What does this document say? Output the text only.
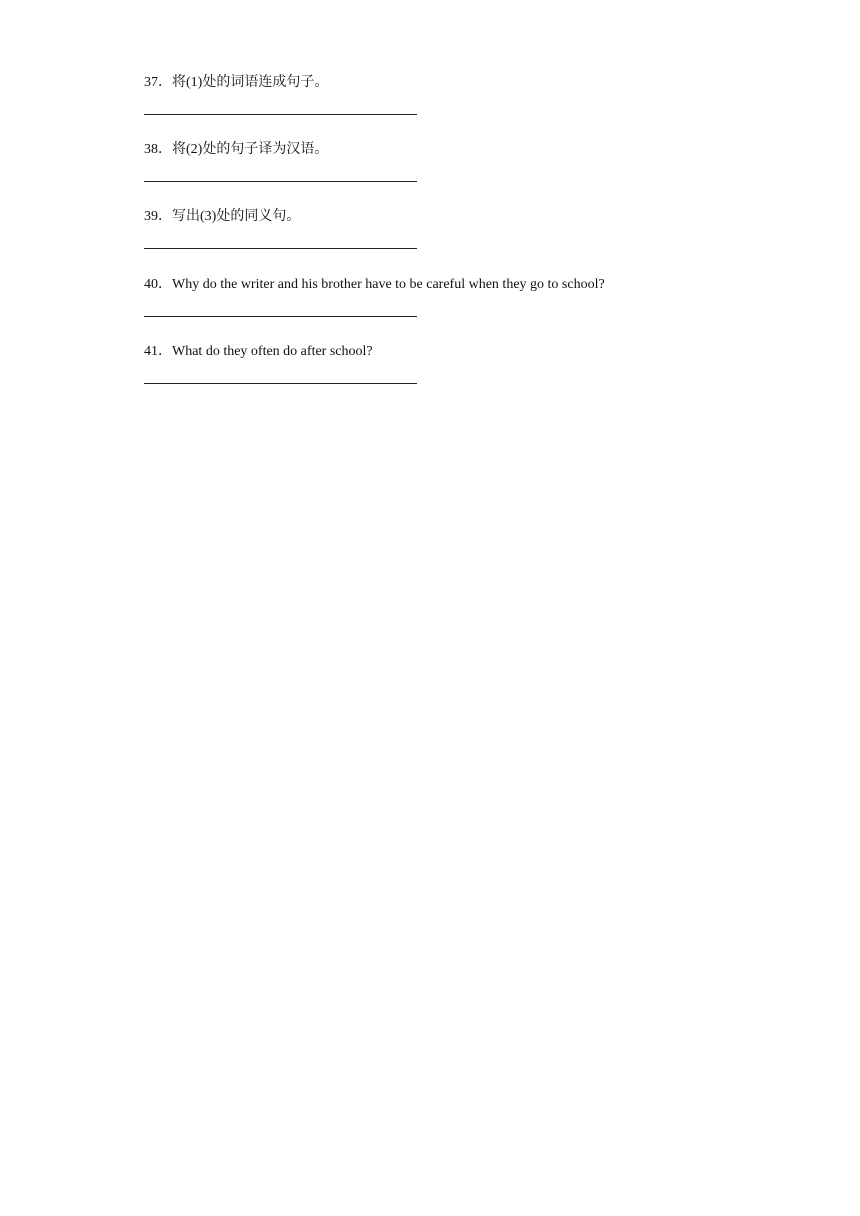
37．将(1)处的词语连成句子。
38．将(2)处的句子译为汉语。
39．写出(3)处的同义句。
40．Why do the writer and his brother have to be careful when they go to school?
41．What do they often do after school?
